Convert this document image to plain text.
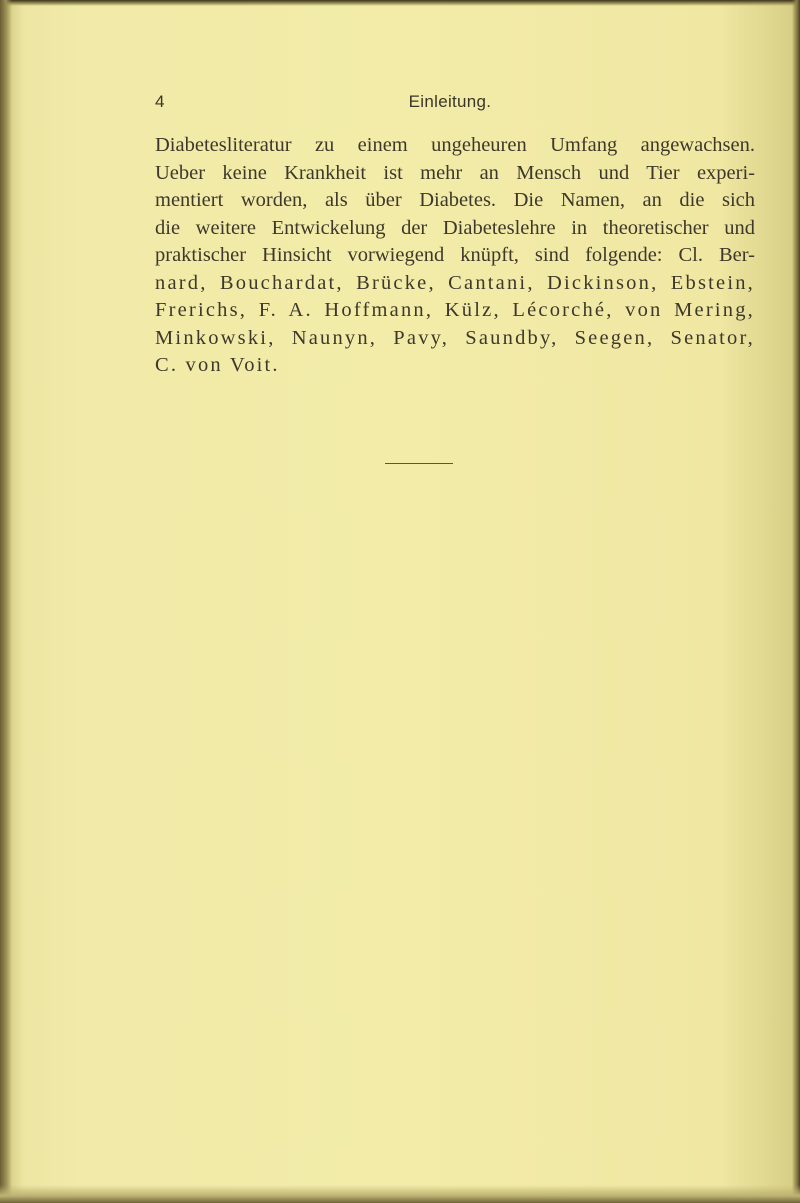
4	Einleitung.
Diabetesliteratur zu einem ungeheuren Umfang angewachsen.
Ueber keine Krankheit ist mehr an Mensch und Tier experi-
mentiert worden, als über Diabetes. Die Namen, an die sich
die weitere Entwickelung der Diabeteslehre in theoretischer und
praktischer Hinsicht vorwiegend knüpft, sind folgende: Cl. Ber-
nard, Bouchardat, Brücke, Cantani, Dickinson, Ebstein,
Frerichs, F. A. Hoffmann, Külz, Lécorché, von Mering,
Minkowski, Naunyn, Pavy, Saundby, Seegen, Senator,
C. von Voit.
